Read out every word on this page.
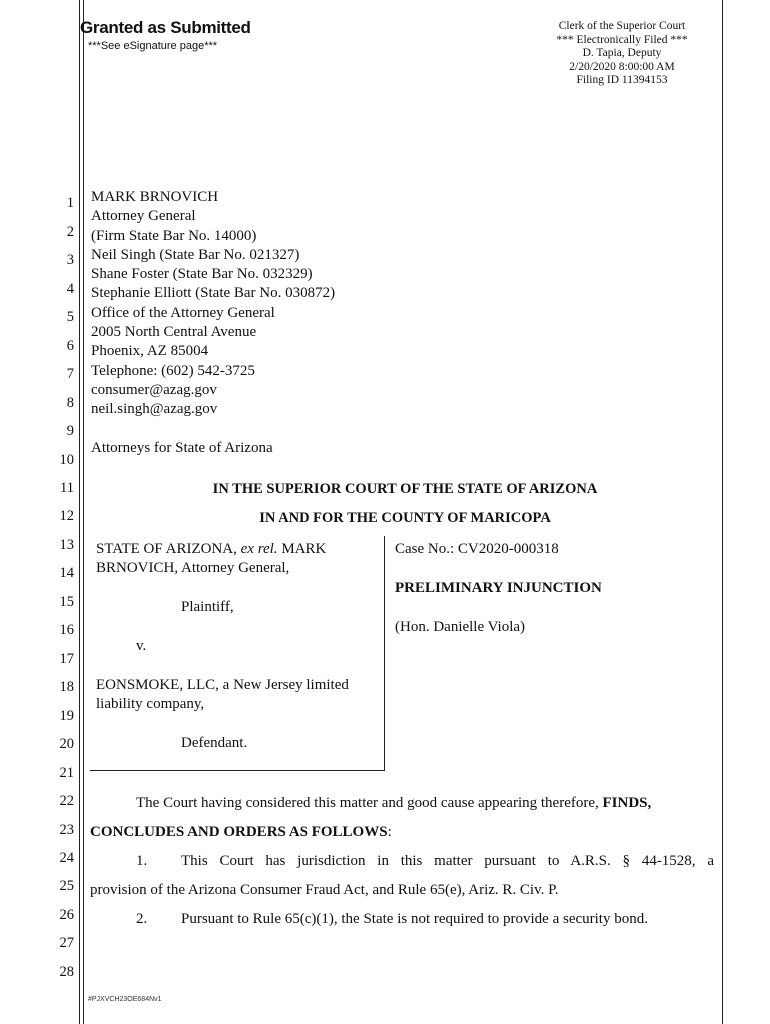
Granted as Submitted
***See eSignature page***
Clerk of the Superior Court
*** Electronically Filed ***
D. Tapia, Deputy
2/20/2020 8:00:00 AM
Filing ID 11394153
1
2
3
4
5
6
7
8
9
10
11
12
13
14
15
16
17
18
19
20
21
22
23
24
25
26
27
28
MARK BRNOVICH
Attorney General
(Firm State Bar No. 14000)
Neil Singh (State Bar No. 021327)
Shane Foster (State Bar No. 032329)
Stephanie Elliott (State Bar No. 030872)
Office of the Attorney General
2005 North Central Avenue
Phoenix, AZ 85004
Telephone: (602) 542-3725
consumer@azag.gov
neil.singh@azag.gov
Attorneys for State of Arizona
IN THE SUPERIOR COURT OF THE STATE OF ARIZONA
IN AND FOR THE COUNTY OF MARICOPA
STATE OF ARIZONA, ex rel. MARK
BRNOVICH, Attorney General,
Plaintiff,
v.
EONSMOKE, LLC, a New Jersey limited
liability company,
Defendant.
Case No.: CV2020-000318
PRELIMINARY INJUNCTION
(Hon. Danielle Viola)
The Court having considered this matter and good cause appearing therefore, FINDS,
CONCLUDES AND ORDERS AS FOLLOWS:
1. This Court has jurisdiction in this matter pursuant to A.R.S. § 44-1528, a
provision of the Arizona Consumer Fraud Act, and Rule 65(e), Ariz. R. Civ. P.
2. Pursuant to Rule 65(c)(1), the State is not required to provide a security bond.
#PJXVCH23OE684Nv1
